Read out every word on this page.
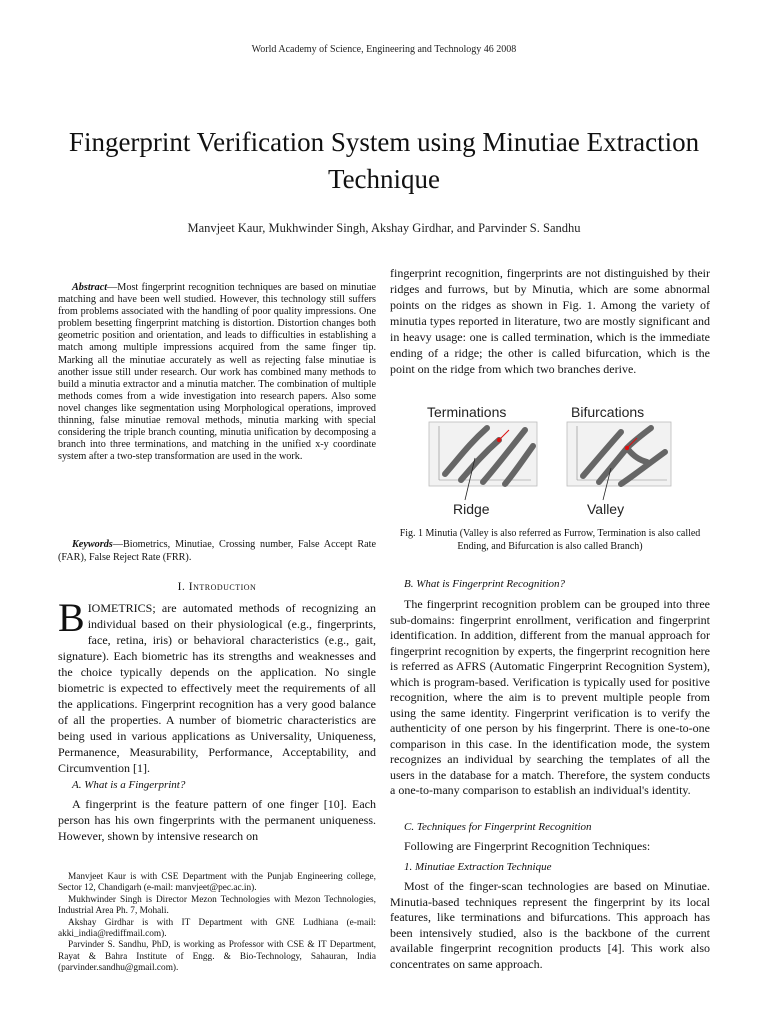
World Academy of Science, Engineering and Technology 46 2008
Fingerprint Verification System using Minutiae Extraction Technique
Manvjeet Kaur, Mukhwinder Singh, Akshay Girdhar, and Parvinder S. Sandhu
Abstract—Most fingerprint recognition techniques are based on minutiae matching and have been well studied. However, this technology still suffers from problems associated with the handling of poor quality impressions. One problem besetting fingerprint matching is distortion. Distortion changes both geometric position and orientation, and leads to difficulties in establishing a match among multiple impressions acquired from the same finger tip. Marking all the minutiae accurately as well as rejecting false minutiae is another issue still under research. Our work has combined many methods to build a minutia extractor and a minutia matcher. The combination of multiple methods comes from a wide investigation into research papers. Also some novel changes like segmentation using Morphological operations, improved thinning, false minutiae removal methods, minutia marking with special considering the triple branch counting, minutia unification by decomposing a branch into three terminations, and matching in the unified x-y coordinate system after a two-step transformation are used in the work.
Keywords—Biometrics, Minutiae, Crossing number, False Accept Rate (FAR), False Reject Rate (FRR).
I. Introduction
BIOMETRICS; are automated methods of recognizing an individual based on their physiological (e.g., fingerprints, face, retina, iris) or behavioral characteristics (e.g., gait, signature). Each biometric has its strengths and weaknesses and the choice typically depends on the application. No single biometric is expected to effectively meet the requirements of all the applications. Fingerprint recognition has a very good balance of all the properties. A number of biometric characteristics are being used in various applications as Universality, Uniqueness, Permanence, Measurability, Performance, Acceptability, and Circumvention [1].
A. What is a Fingerprint?
A fingerprint is the feature pattern of one finger [10]. Each person has his own fingerprints with the permanent uniqueness. However, shown by intensive research on

Manvjeet Kaur is with CSE Department with the Punjab Engineering college, Sector 12, Chandigarh (e-mail: manvjeet@pec.ac.in).

Mukhwinder Singh is Director Mezon Technologies with Mezon Technologies, Industrial Area Ph. 7, Mohali.

Akshay Girdhar is with IT Department with GNE Ludhiana (e-mail: akki_india@rediffmail.com).

Parvinder S. Sandhu, PhD, is working as Professor with CSE & IT Department, Rayat & Bahra Institute of Engg. & Bio-Technology, Sahauran, India (parvinder.sandhu@gmail.com).

fingerprint recognition, fingerprints are not distinguished by their ridges and furrows, but by Minutia, which are some abnormal points on the ridges as shown in Fig. 1. Among the variety of minutia types reported in literature, two are mostly significant and in heavy usage: one is called termination, which is the immediate ending of a ridge; the other is called bifurcation, which is the point on the ridge from which two branches derive.
Terminations	Bifurcations
Ridge	Valley
Fig. 1 Minutia (Valley is also referred as Furrow, Termination is also called Ending, and Bifurcation is also called Branch)
B. What is Fingerprint Recognition?
The fingerprint recognition problem can be grouped into three sub-domains: fingerprint enrollment, verification and fingerprint identification. In addition, different from the manual approach for fingerprint recognition by experts, the fingerprint recognition here is referred as AFRS (Automatic Fingerprint Recognition System), which is program-based. Verification is typically used for positive recognition, where the aim is to prevent multiple people from using the same identity. Fingerprint verification is to verify the authenticity of one person by his fingerprint. There is one-to-one comparison in this case. In the identification mode, the system recognizes an individual by searching the templates of all the users in the database for a match. Therefore, the system conducts a one-to-many comparison to establish an individual's identity.
C. Techniques for Fingerprint Recognition
Following are Fingerprint Recognition Techniques:
1. Minutiae Extraction Technique
Most of the finger-scan technologies are based on Minutiae. Minutia-based techniques represent the fingerprint by its local features, like terminations and bifurcations. This approach has been intensively studied, also is the backbone of the current available fingerprint recognition products [4]. This work also concentrates on same approach.
